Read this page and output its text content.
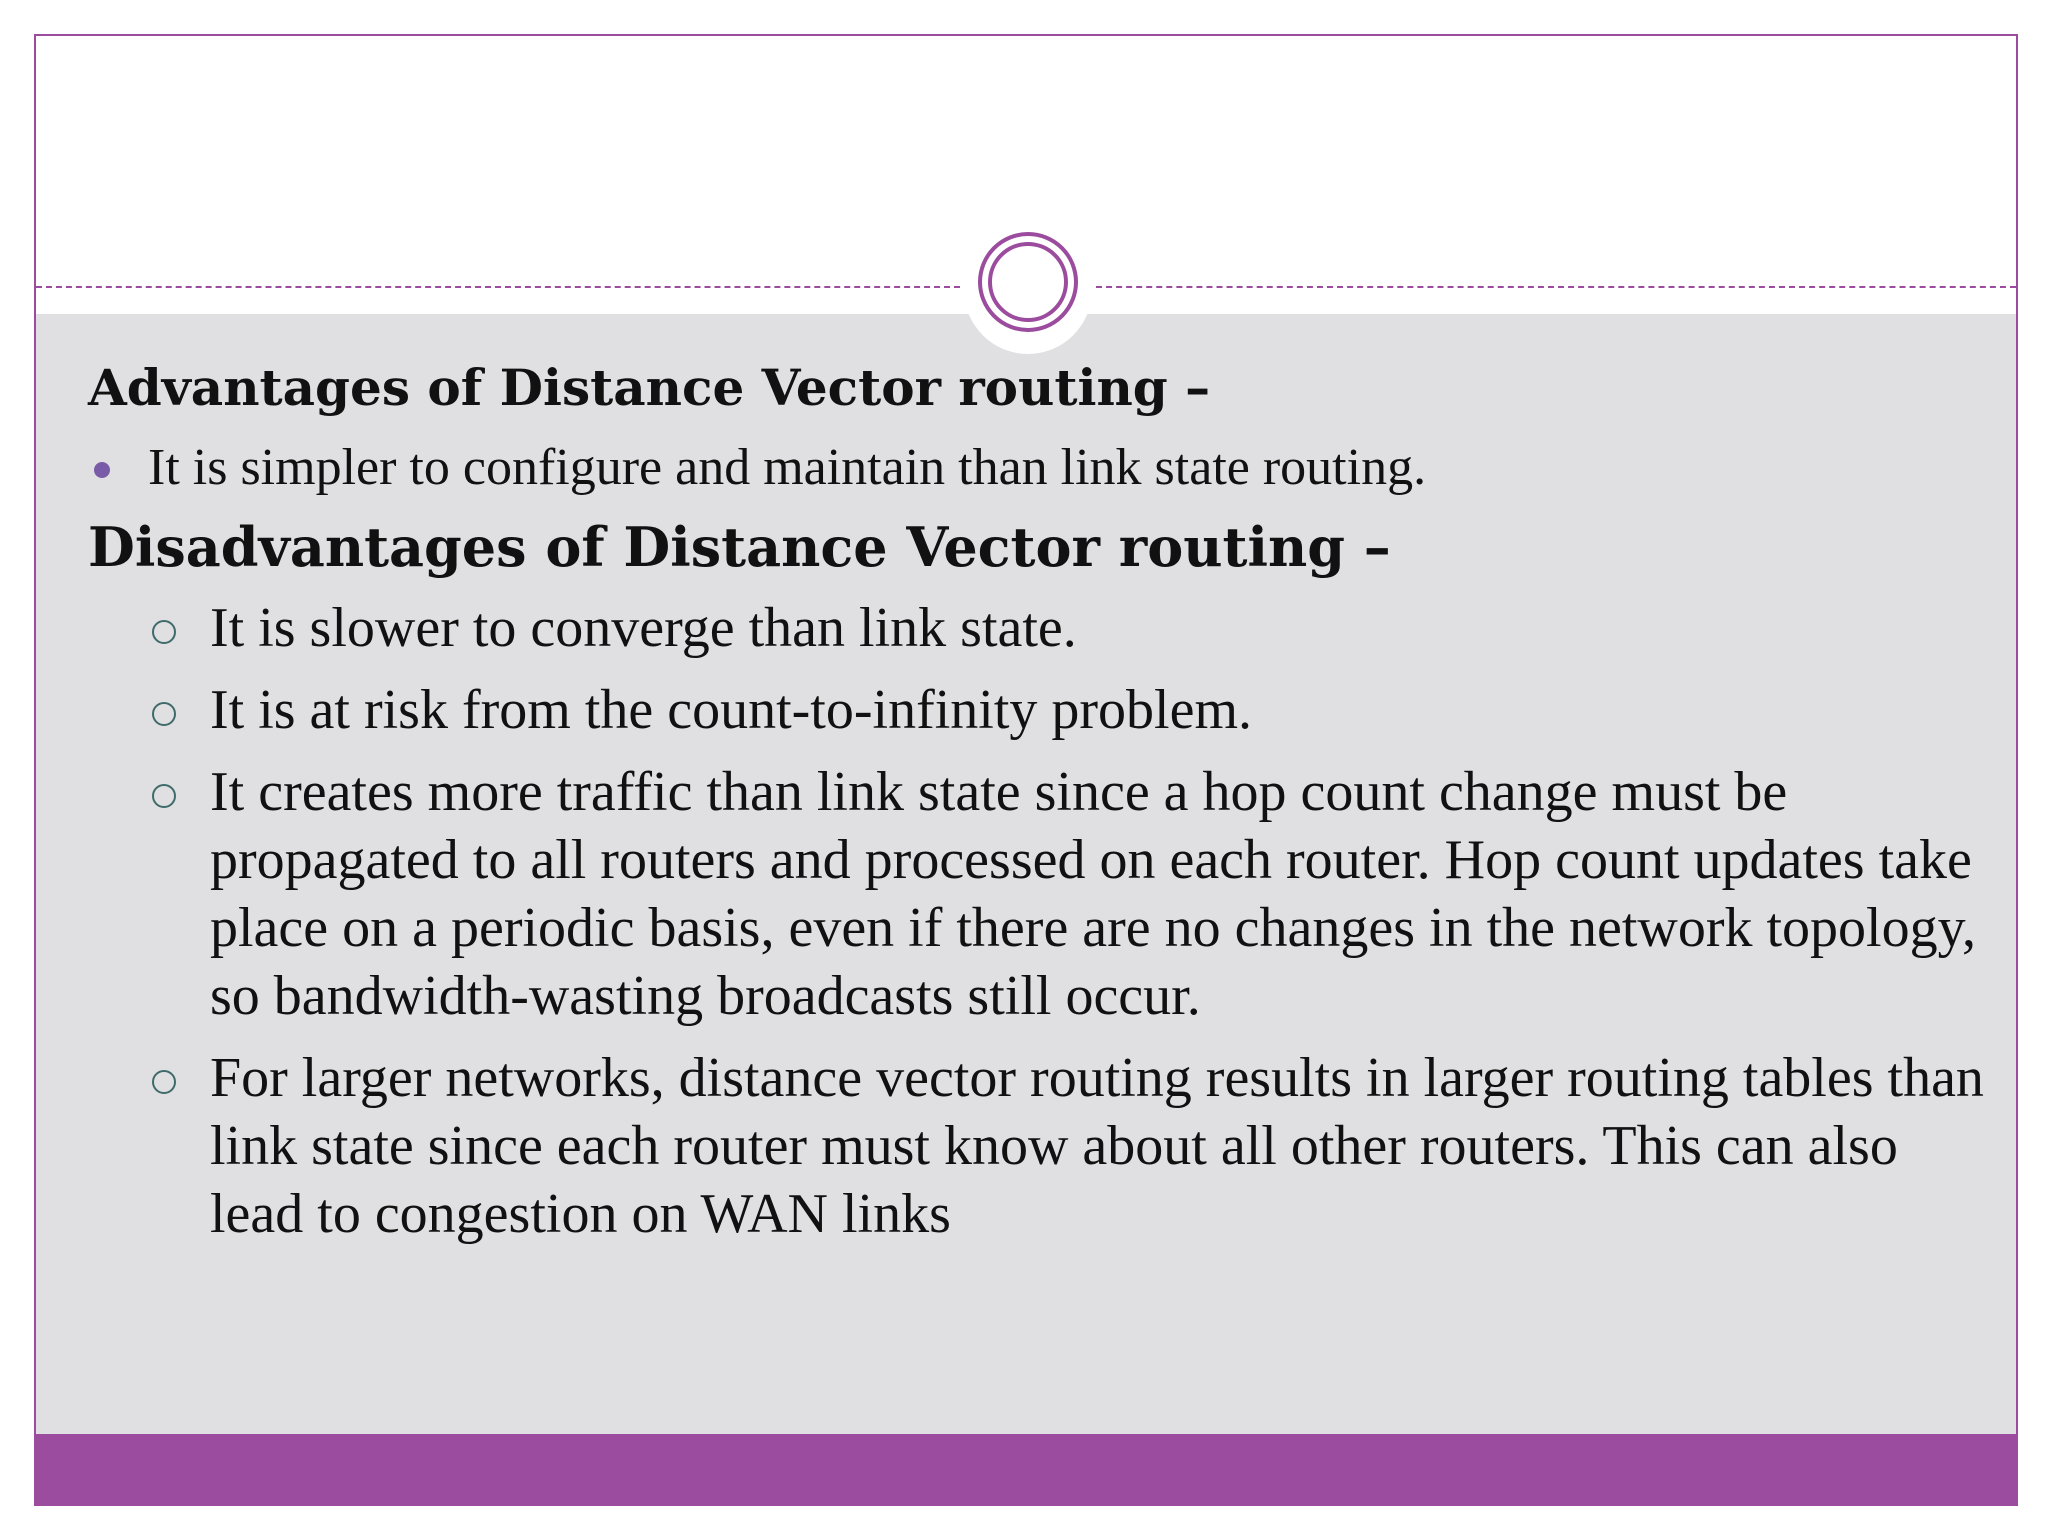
Advantages of Distance Vector routing –
It is simpler to configure and maintain than link state routing.
Disadvantages of Distance Vector routing –
It is slower to converge than link state.
It is at risk from the count-to-infinity problem.
It creates more traffic than link state since a hop count change must be propagated to all routers and processed on each router. Hop count updates take place on a periodic basis, even if there are no changes in the network topology, so bandwidth-wasting broadcasts still occur.
For larger networks, distance vector routing results in larger routing tables than link state since each router must know about all other routers. This can also lead to congestion on WAN links
